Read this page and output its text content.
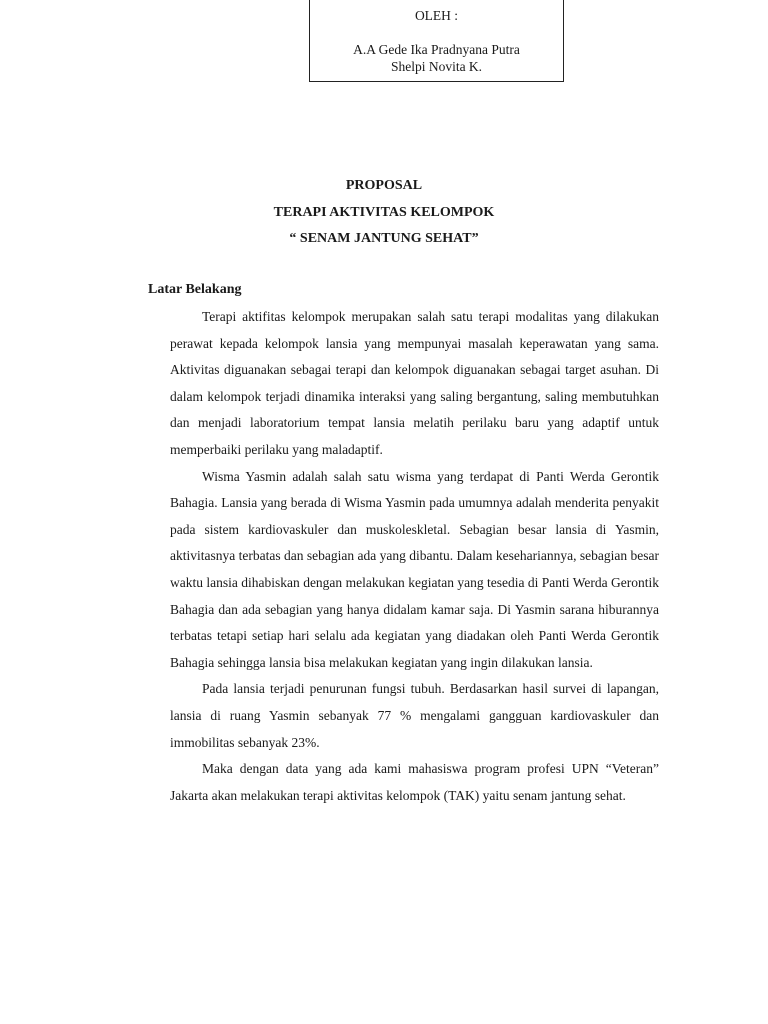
OLEH :
A.A Gede Ika Pradnyana Putra
Shelpi Novita K.
PROPOSAL
TERAPI AKTIVITAS KELOMPOK
“ SENAM JANTUNG SEHAT”
Latar Belakang

Terapi aktifitas kelompok merupakan salah satu terapi modalitas yang dilakukan perawat kepada kelompok lansia yang mempunyai masalah keperawatan yang sama. Aktivitas diguanakan sebagai terapi dan kelompok diguanakan sebagai target asuhan. Di dalam kelompok terjadi dinamika interaksi yang saling bergantung, saling membutuhkan dan menjadi laboratorium tempat lansia melatih perilaku baru yang adaptif untuk memperbaiki perilaku yang maladaptif.

Wisma Yasmin adalah salah satu wisma yang terdapat di Panti Werda Gerontik Bahagia. Lansia yang berada di Wisma Yasmin pada umumnya adalah menderita penyakit pada sistem kardiovaskuler dan muskoleskletal. Sebagian besar lansia di Yasmin, aktivitasnya terbatas dan sebagian ada yang dibantu. Dalam kesehariannya, sebagian besar waktu lansia dihabiskan dengan melakukan kegiatan yang tesedia di Panti Werda Gerontik Bahagia dan ada sebagian yang hanya didalam kamar saja. Di Yasmin sarana hiburannya terbatas tetapi setiap hari selalu ada kegiatan yang diadakan oleh Panti Werda Gerontik Bahagia sehingga lansia bisa melakukan kegiatan yang ingin dilakukan lansia.

Pada lansia terjadi penurunan fungsi tubuh. Berdasarkan hasil survei di lapangan, lansia di ruang Yasmin sebanyak 77 % mengalami gangguan kardiovaskuler dan immobilitas sebanyak 23%.

Maka dengan data yang ada kami mahasiswa program profesi UPN “Veteran” Jakarta akan melakukan terapi aktivitas kelompok (TAK) yaitu senam jantung sehat.
